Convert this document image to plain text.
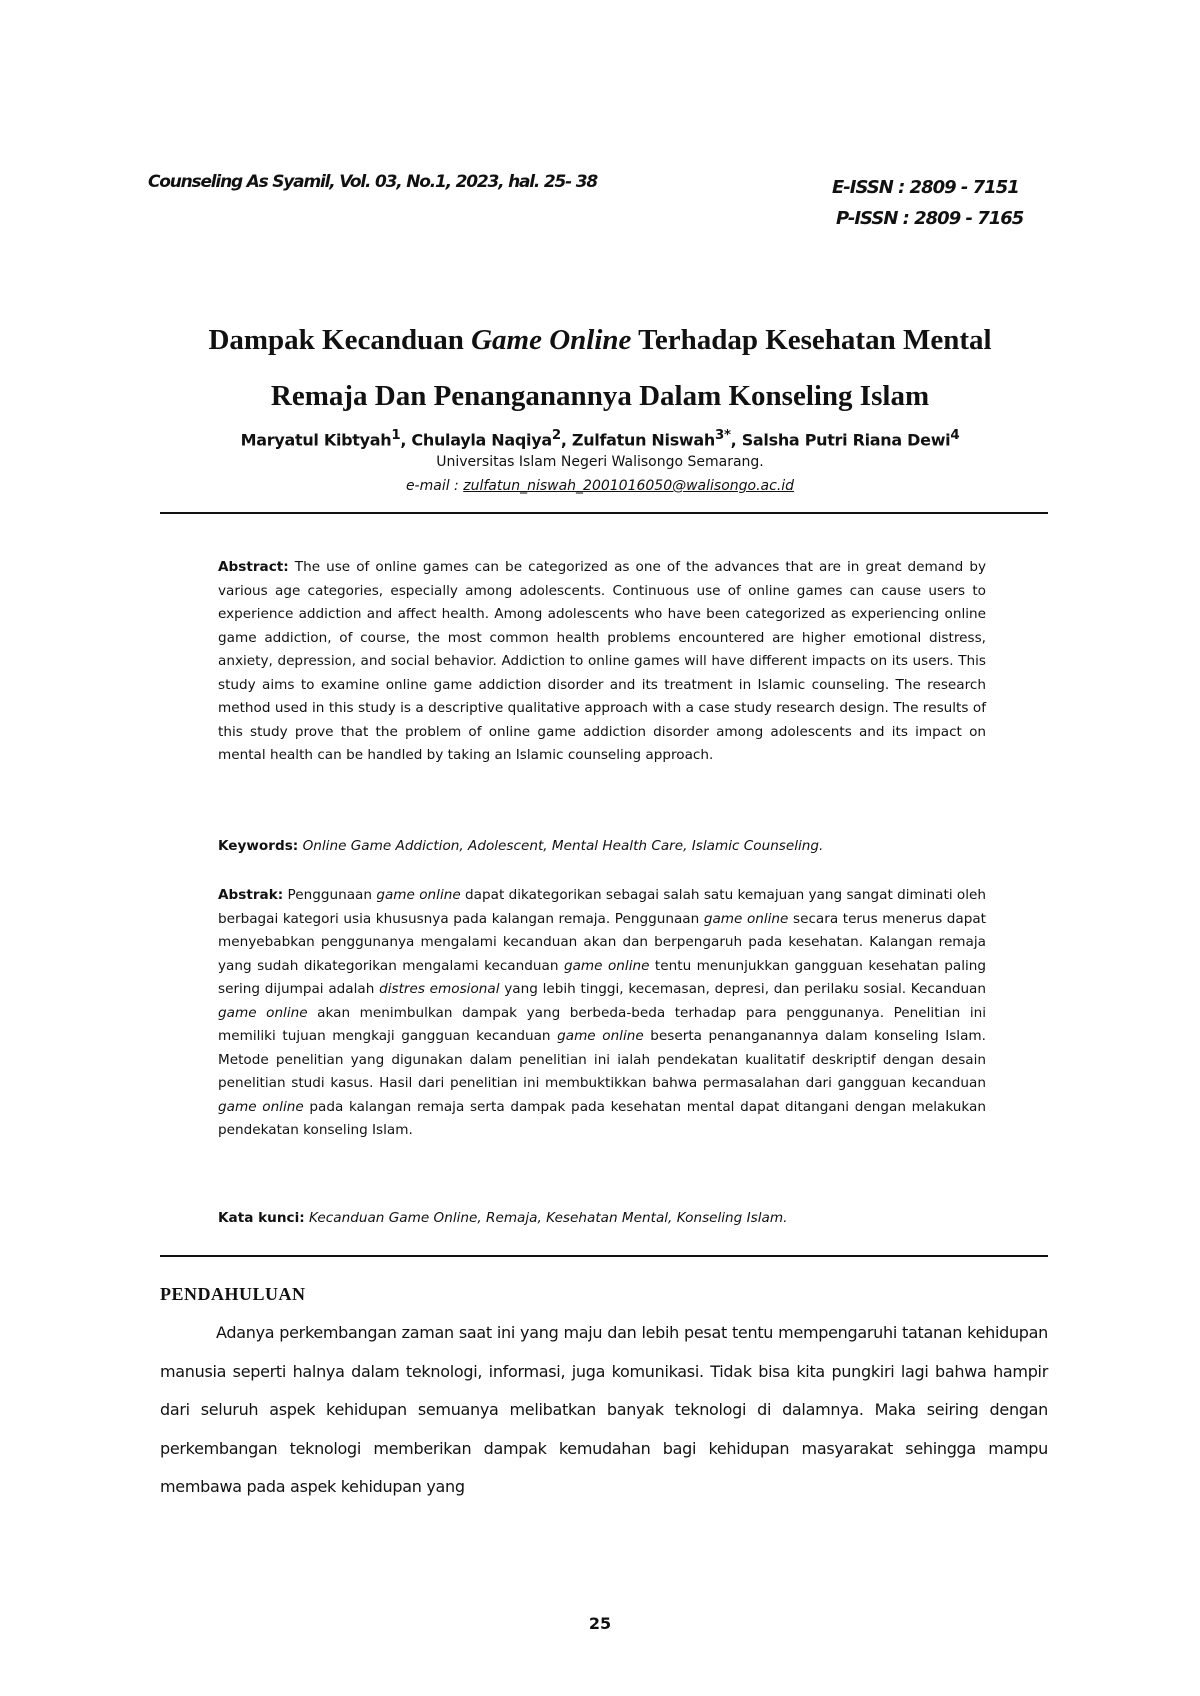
Counseling As Syamil, Vol. 03, No.1, 2023, hal. 25- 38	E-ISSN : 2809 - 7151
P-ISSN : 2809 - 7165
Dampak Kecanduan Game Online Terhadap Kesehatan Mental
Remaja Dan Penanganannya Dalam Konseling Islam
Maryatul Kibtyah$^1$, Chulayla Naqiya$^2$, Zulfatun Niswah$^{3*}$, Salsha Putri Riana Dewi$^4$
Universitas Islam Negeri Walisongo Semarang.
e-mail : zulfatun_niswah_2001016050@walisongo.ac.id
Abstract: The use of online games can be categorized as one of the advances that are in great demand by various age categories, especially among adolescents. Continuous use of online games can cause users to experience addiction and affect health. Among adolescents who have been categorized as experiencing online game addiction, of course, the most common health problems encountered are higher emotional distress, anxiety, depression, and social behavior. Addiction to online games will have different impacts on its users. This study aims to examine online game addiction disorder and its treatment in Islamic counseling. The research method used in this study is a descriptive qualitative approach with a case study research design. The results of this study prove that the problem of online game addiction disorder among adolescents and its impact on mental health can be handled by taking an Islamic counseling approach.
Keywords: Online Game Addiction, Adolescent, Mental Health Care, Islamic Counseling.
Abstrak: Penggunaan game online dapat dikategorikan sebagai salah satu kemajuan yang sangat diminati oleh berbagai kategori usia khususnya pada kalangan remaja. Penggunaan game online secara terus menerus dapat menyebabkan penggunanya mengalami kecanduan akan dan berpengaruh pada kesehatan. Kalangan remaja yang sudah dikategorikan mengalami kecanduan game online tentu menunjukkan gangguan kesehatan paling sering dijumpai adalah distres emosional yang lebih tinggi, kecemasan, depresi, dan perilaku sosial. Kecanduan game online akan menimbulkan dampak yang berbeda-beda terhadap para penggunanya. Penelitian ini memiliki tujuan mengkaji gangguan kecanduan game online beserta penanganannya dalam konseling Islam. Metode penelitian yang digunakan dalam penelitian ini ialah pendekatan kualitatif deskriptif dengan desain penelitian studi kasus. Hasil dari penelitian ini membuktikkan bahwa permasalahan dari gangguan kecanduan game online pada kalangan remaja serta dampak pada kesehatan mental dapat ditangani dengan melakukan pendekatan konseling Islam.
Kata kunci: Kecanduan Game Online, Remaja, Kesehatan Mental, Konseling Islam.
PENDAHULUAN
Adanya perkembangan zaman saat ini yang maju dan lebih pesat tentu mempengaruhi tatanan kehidupan manusia seperti halnya dalam teknologi, informasi, juga komunikasi. Tidak bisa kita pungkiri lagi bahwa hampir dari seluruh aspek kehidupan semuanya melibatkan banyak teknologi di dalamnya. Maka seiring dengan perkembangan teknologi memberikan dampak kemudahan bagi kehidupan masyarakat sehingga mampu membawa pada aspek kehidupan yang
25
